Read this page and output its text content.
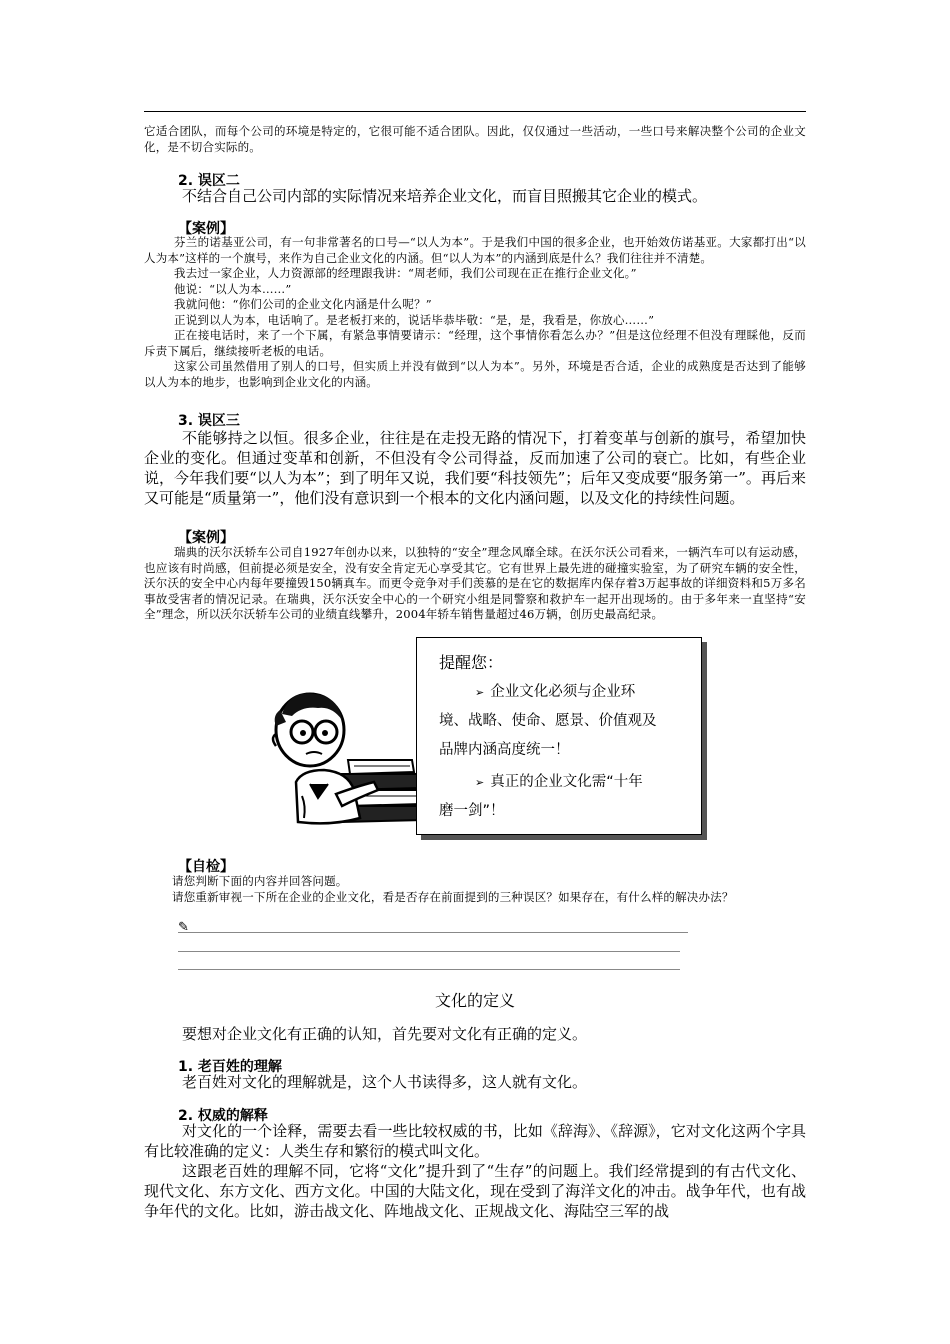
它适合团队，而每个公司的环境是特定的，它很可能不适合团队。因此，仅仅通过一些活动，一些口号来解决整个公司的企业文化，是不切合实际的。

2. 误区二

不结合自己公司内部的实际情况来培养企业文化，而盲目照搬其它企业的模式。

【案例】

芬兰的诺基亚公司，有一句非常著名的口号—“以人为本”。于是我们中国的很多企业，也开始效仿诺基亚。大家都打出“以人为本”这样的一个旗号，来作为自己企业文化的内涵。但“以人为本”的内涵到底是什么？我们往往并不清楚。

我去过一家企业，人力资源部的经理跟我讲：“周老师，我们公司现在正在推行企业文化。”

他说：“以人为本……”

我就问他：“你们公司的企业文化内涵是什么呢？”

正说到以人为本，电话响了。是老板打来的，说话毕恭毕敬：“是，是，我看是，你放心……”

正在接电话时，来了一个下属，有紧急事情要请示：“经理，这个事情你看怎么办？”但是这位经理不但没有理睬他，反而斥责下属后，继续接听老板的电话。

这家公司虽然借用了别人的口号，但实质上并没有做到“以人为本”。另外，环境是否合适，企业的成熟度是否达到了能够以人为本的地步，也影响到企业文化的内涵。

3. 误区三

不能够持之以恒。很多企业，往往是在走投无路的情况下，打着变革与创新的旗号，希望加快企业的变化。但通过变革和创新，不但没有令公司得益，反而加速了公司的衰亡。比如，有些企业说，今年我们要“以人为本”；到了明年又说，我们要“科技领先”；后年又变成要“服务第一”。再后来又可能是“质量第一”，他们没有意识到一个根本的文化内涵问题，以及文化的持续性问题。

【案例】

瑞典的沃尔沃轿车公司自1927年创办以来，以独特的“安全”理念风靡全球。在沃尔沃公司看来，一辆汽车可以有运动感，也应该有时尚感，但前提必须是安全，没有安全肯定无心享受其它。它有世界上最先进的碰撞实验室，为了研究车辆的安全性，沃尔沃的安全中心内每年要撞毁150辆真车。而更令竞争对手们羡慕的是在它的数据库内保存着3万起事故的详细资料和5万多名事故受害者的情况记录。在瑞典，沃尔沃安全中心的一个研究小组是同警察和救护车一起开出现场的。由于多年来一直坚持“安全”理念，所以沃尔沃轿车公司的业绩直线攀升，2004年轿车销售量超过46万辆，创历史最高纪录。

提醒您：
➢ 企业文化必须与企业环
境、战略、使命、愿景、价值观及
品牌内涵高度统一！
➢ 真正的企业文化需“十年
磨一剑”！
【自检】

请您判断下面的内容并回答问题。

请您重新审视一下所在企业的企业文化，看是否存在前面提到的三种误区？如果存在，有什么样的解决办法？

✎
文化的定义

要想对企业文化有正确的认知，首先要对文化有正确的定义。

1. 老百姓的理解

老百姓对文化的理解就是，这个人书读得多，这人就有文化。

2. 权威的解释

对文化的一个诠释，需要去看一些比较权威的书，比如《辞海》、《辞源》，它对文化这两个字具有比较准确的定义：人类生存和繁衍的模式叫文化。

这跟老百姓的理解不同，它将“文化”提升到了“生存”的问题上。我们经常提到的有古代文化、现代文化、东方文化、西方文化。中国的大陆文化，现在受到了海洋文化的冲击。战争年代，也有战争年代的文化。比如，游击战文化、阵地战文化、正规战文化、海陆空三军的战
